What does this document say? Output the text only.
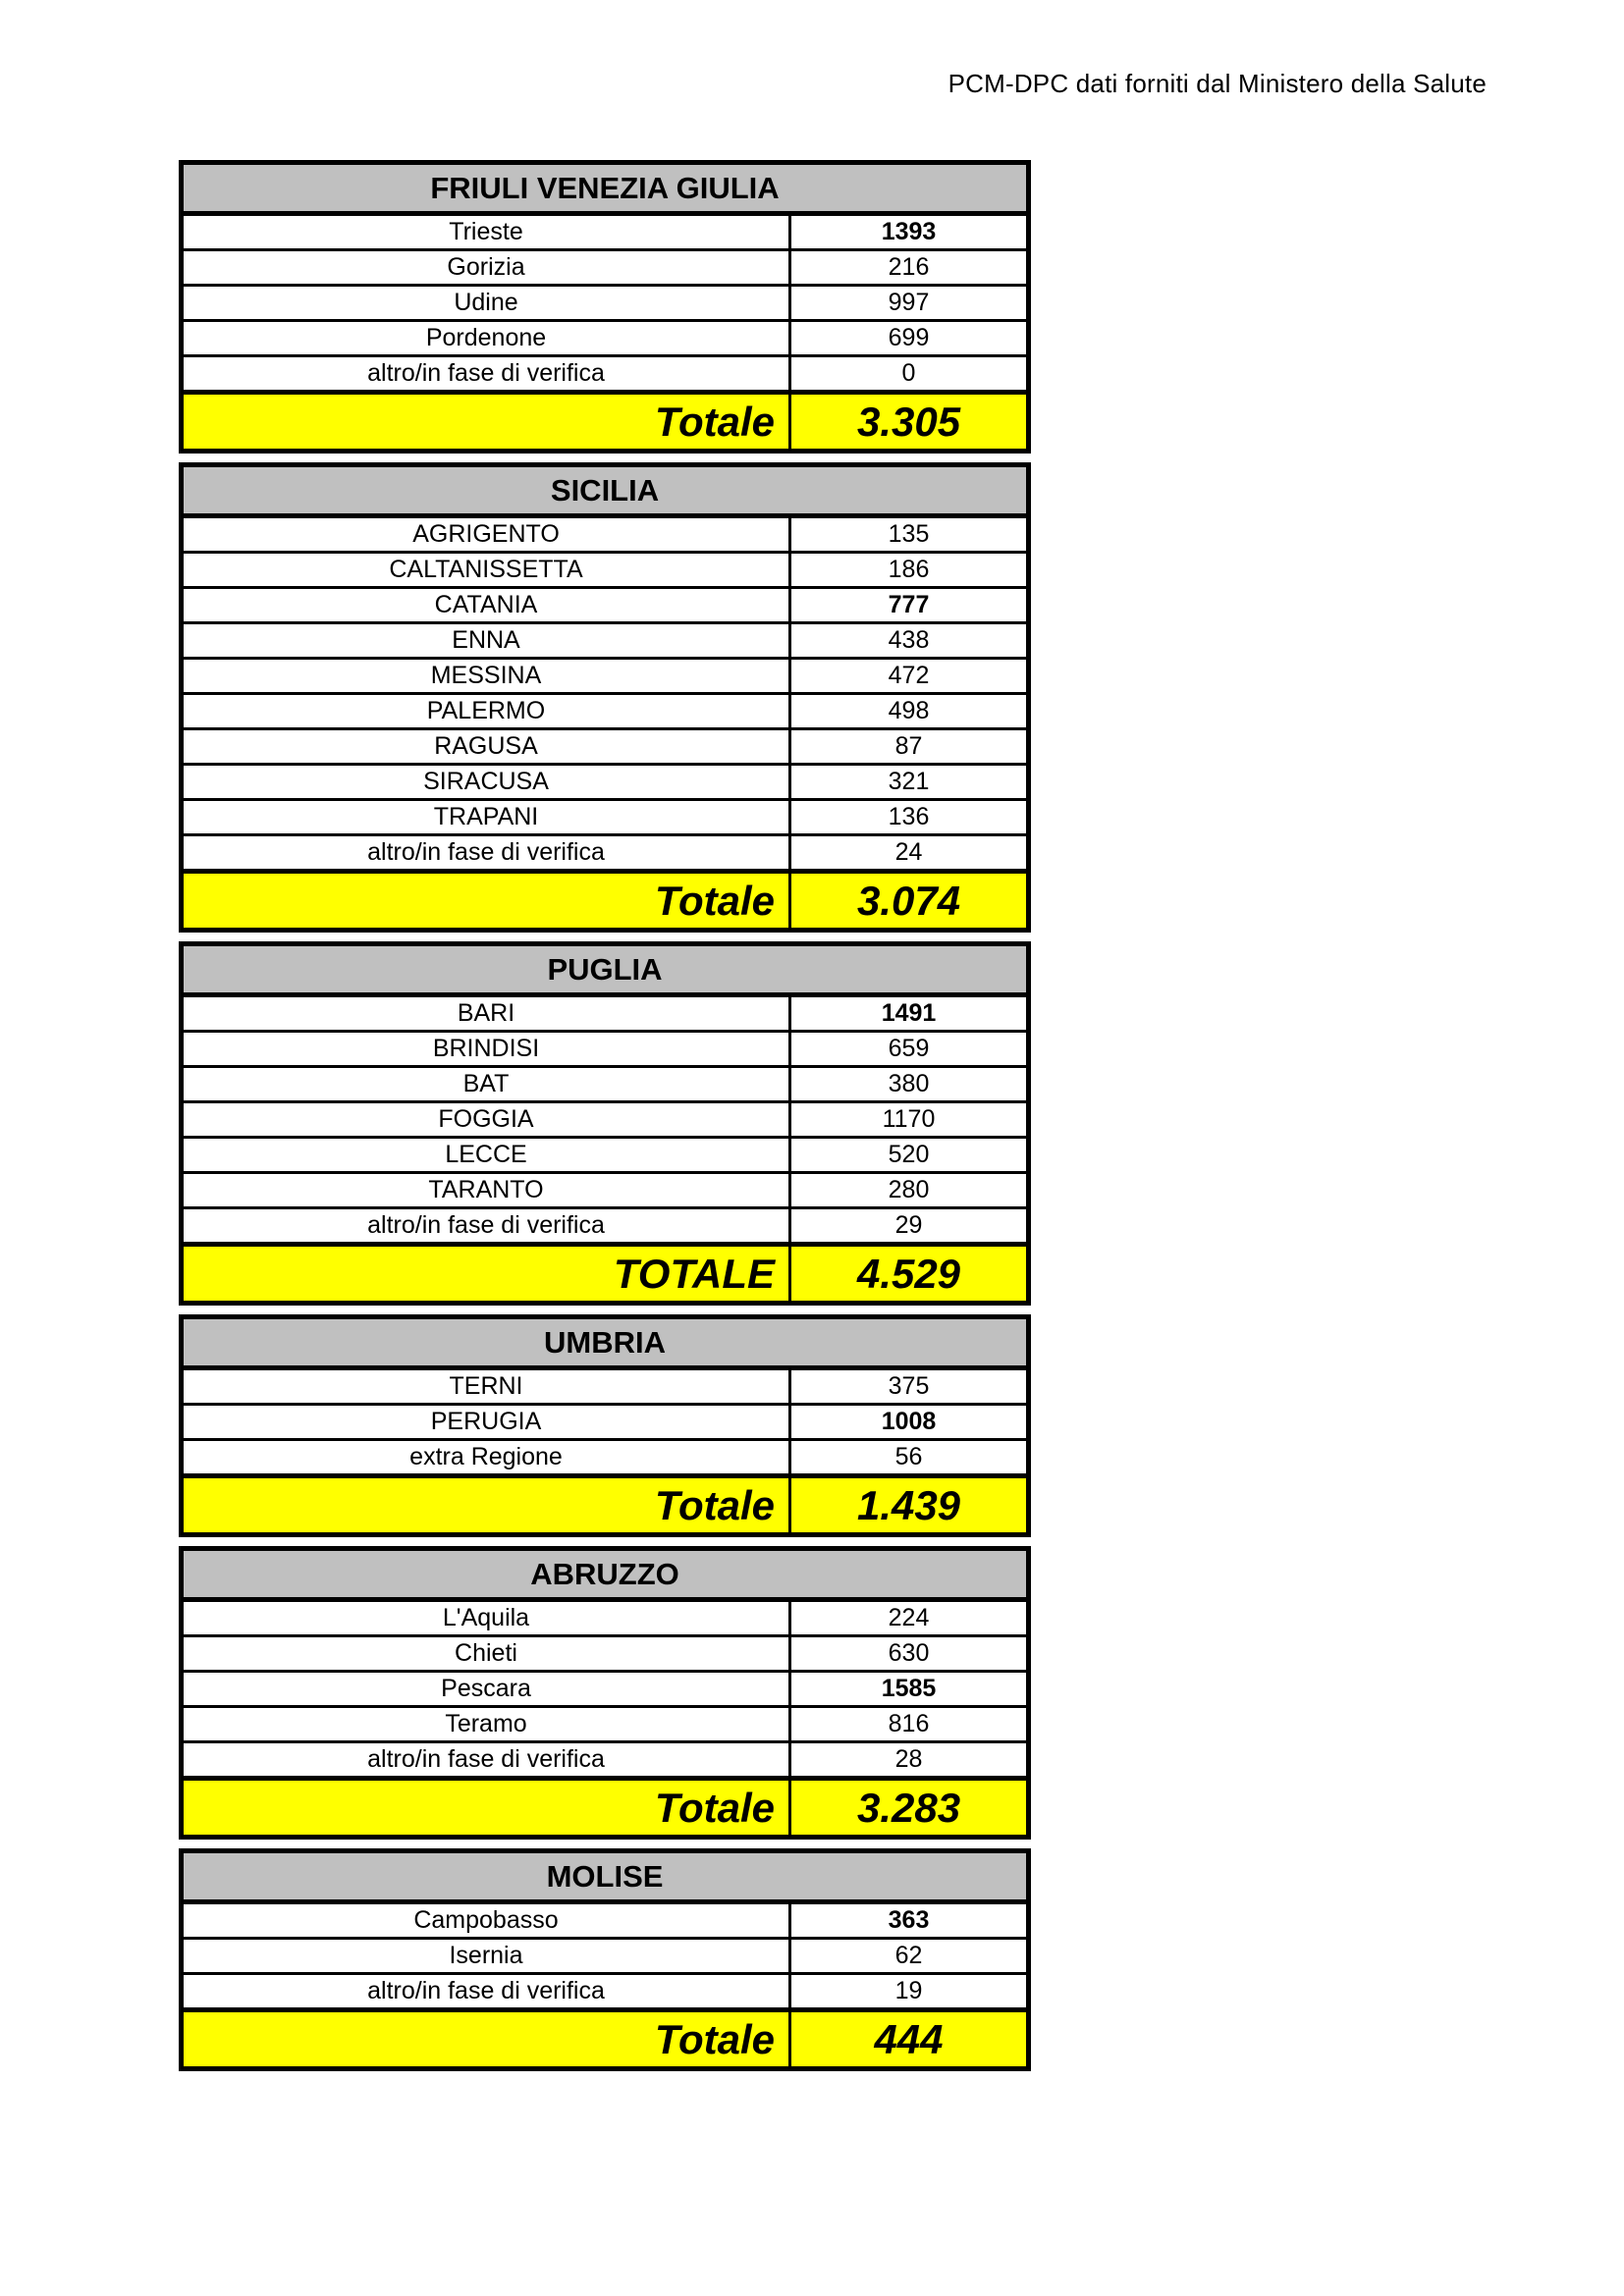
PCM-DPC dati forniti dal Ministero della Salute
FRIULI VENEZIA GIULIA	
Trieste	1393
Gorizia	216
Udine	997
Pordenone	699
altro/in fase di verifica	0
Totale	3.305
SICILIA	
AGRIGENTO	135
CALTANISSETTA	186
CATANIA	777
ENNA	438
MESSINA	472
PALERMO	498
RAGUSA	87
SIRACUSA	321
TRAPANI	136
altro/in fase di verifica	24
Totale	3.074
PUGLIA	
BARI	1491
BRINDISI	659
BAT	380
FOGGIA	1170
LECCE	520
TARANTO	280
altro/in fase di verifica	29
TOTALE	4.529
UMBRIA	
TERNI	375
PERUGIA	1008
extra Regione	56
Totale	1.439
ABRUZZO	
L'Aquila	224
Chieti	630
Pescara	1585
Teramo	816
altro/in fase di verifica	28
Totale	3.283
MOLISE	
Campobasso	363
Isernia	62
altro/in fase di verifica	19
Totale	444
